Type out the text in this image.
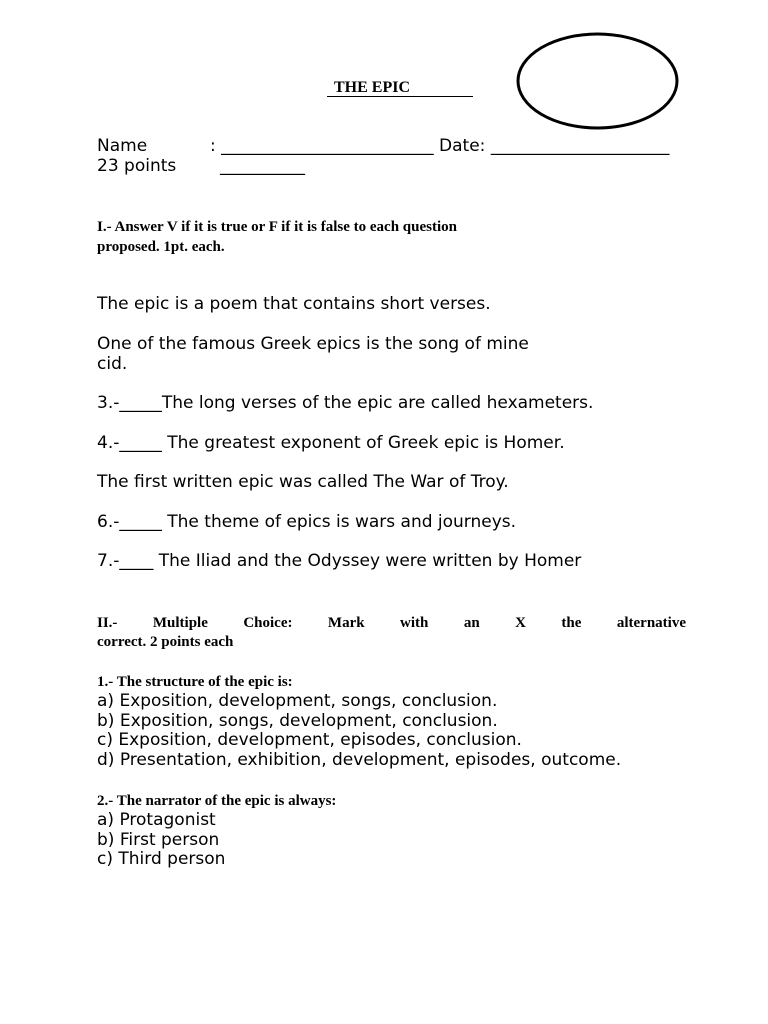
THE EPIC
Name	: _________________________ Date: _____________________
23 points	__________
I.- Answer V if it is true or F if it is false to each question
proposed. 1pt. each.
The epic is a poem that contains short verses.
One of the famous Greek epics is the song of mine
cid.
3.-_____The long verses of the epic are called hexameters.
4.-_____ The greatest exponent of Greek epic is Homer.
The first written epic was called The War of Troy.
6.-_____ The theme of epics is wars and journeys.
7.-____ The Iliad and the Odyssey were written by Homer
II.- Multiple Choice: Mark with an X the alternative
correct. 2 points each
1.- The structure of the epic is:
a) Exposition, development, songs, conclusion.
b) Exposition, songs, development, conclusion.
c) Exposition, development, episodes, conclusion.
d) Presentation, exhibition, development, episodes, outcome.
2.- The narrator of the epic is always:
a) Protagonist
b) First person
c) Third person
